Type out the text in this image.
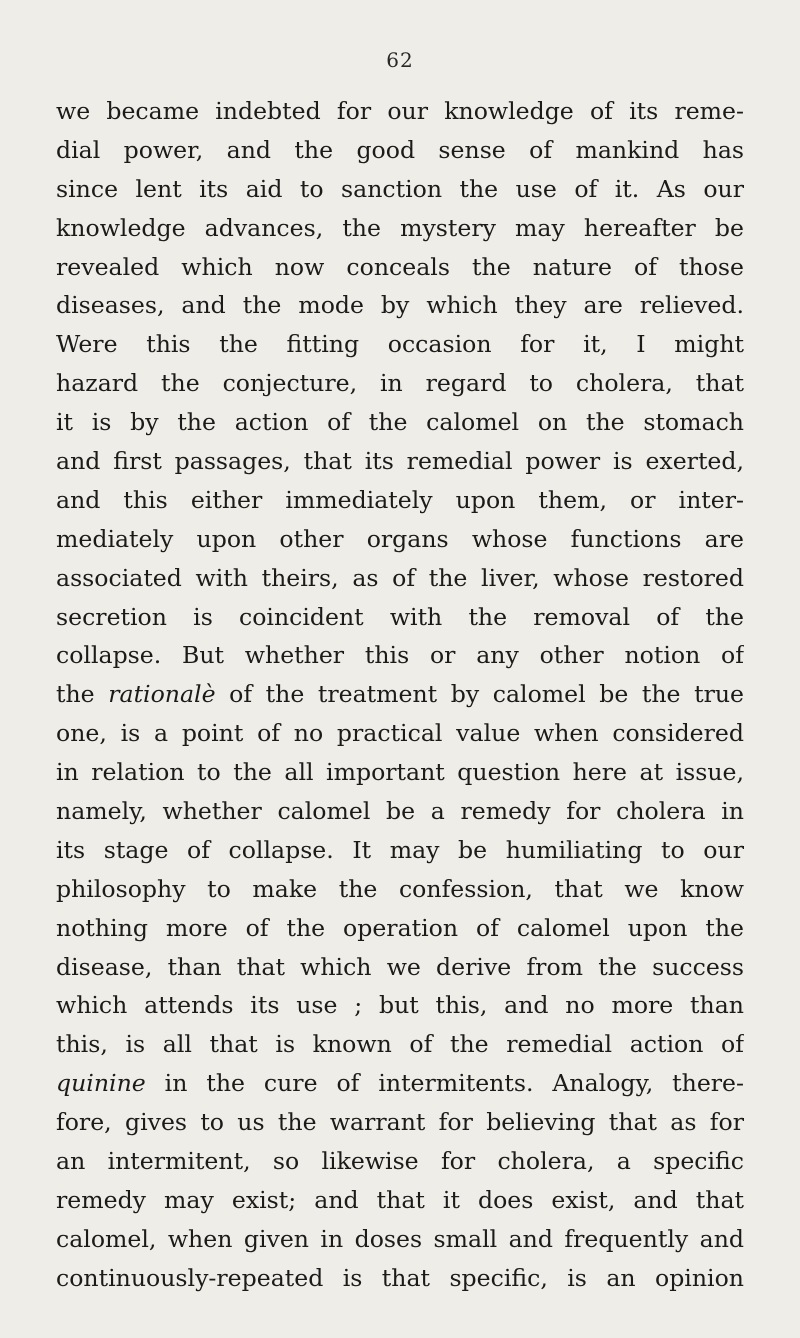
62
we became indebted for our knowledge of its reme-
dial power, and the good sense of mankind has
since lent its aid to sanction the use of it. As our
knowledge advances, the mystery may hereafter be
revealed which now conceals the nature of those
diseases, and the mode by which they are relieved.
Were this the fitting occasion for it, I might
hazard the conjecture, in regard to cholera, that
it is by the action of the calomel on the stomach
and first passages, that its remedial power is exerted,
and this either immediately upon them, or inter-
mediately upon other organs whose functions are
associated with theirs, as of the liver, whose restored
secretion is coincident with the removal of the
collapse. But whether this or any other notion of
the rationalè of the treatment by calomel be the true
one, is a point of no practical value when considered
in relation to the all important question here at issue,
namely, whether calomel be a remedy for cholera in
its stage of collapse. It may be humiliating to our
philosophy to make the confession, that we know
nothing more of the operation of calomel upon the
disease, than that which we derive from the success
which attends its use ; but this, and no more than
this, is all that is known of the remedial action of
quinine in the cure of intermitents. Analogy, there-
fore, gives to us the warrant for believing that as for
an intermitent, so likewise for cholera, a specific
remedy may exist; and that it does exist, and that
calomel, when given in doses small and frequently and
continuously-repeated is that specific, is an opinion
